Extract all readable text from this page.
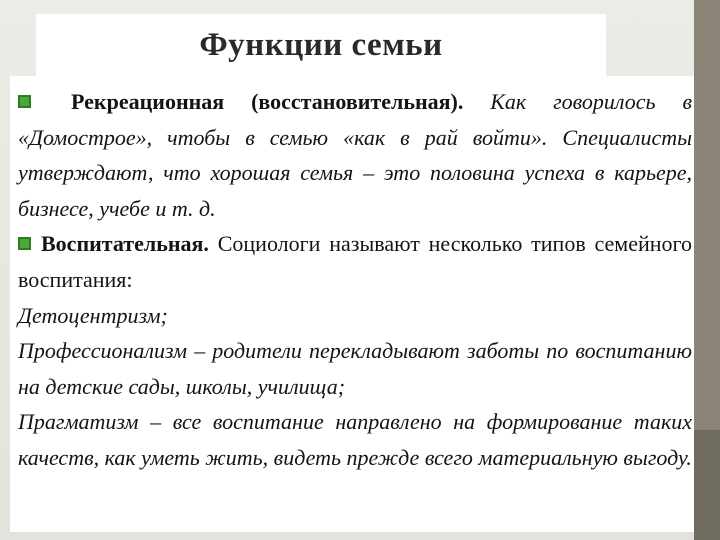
Функции семьи

Рекреационная (восстановительная). Как говорилось в «Домострое», чтобы в семью «как в рай войти». Специалисты утверждают, что хорошая семья – это половина успеха в карьере, бизнесе, учебе и т. д.

Воспитательная. Социологи называют несколько типов семейного воспитания:

Детоцентризм;

Профессионализм – родители перекладывают заботы по воспитанию на детские сады, школы, училища;

Прагматизм – все воспитание направлено на формирование таких качеств, как уметь жить, видеть прежде всего материальную выгоду.
